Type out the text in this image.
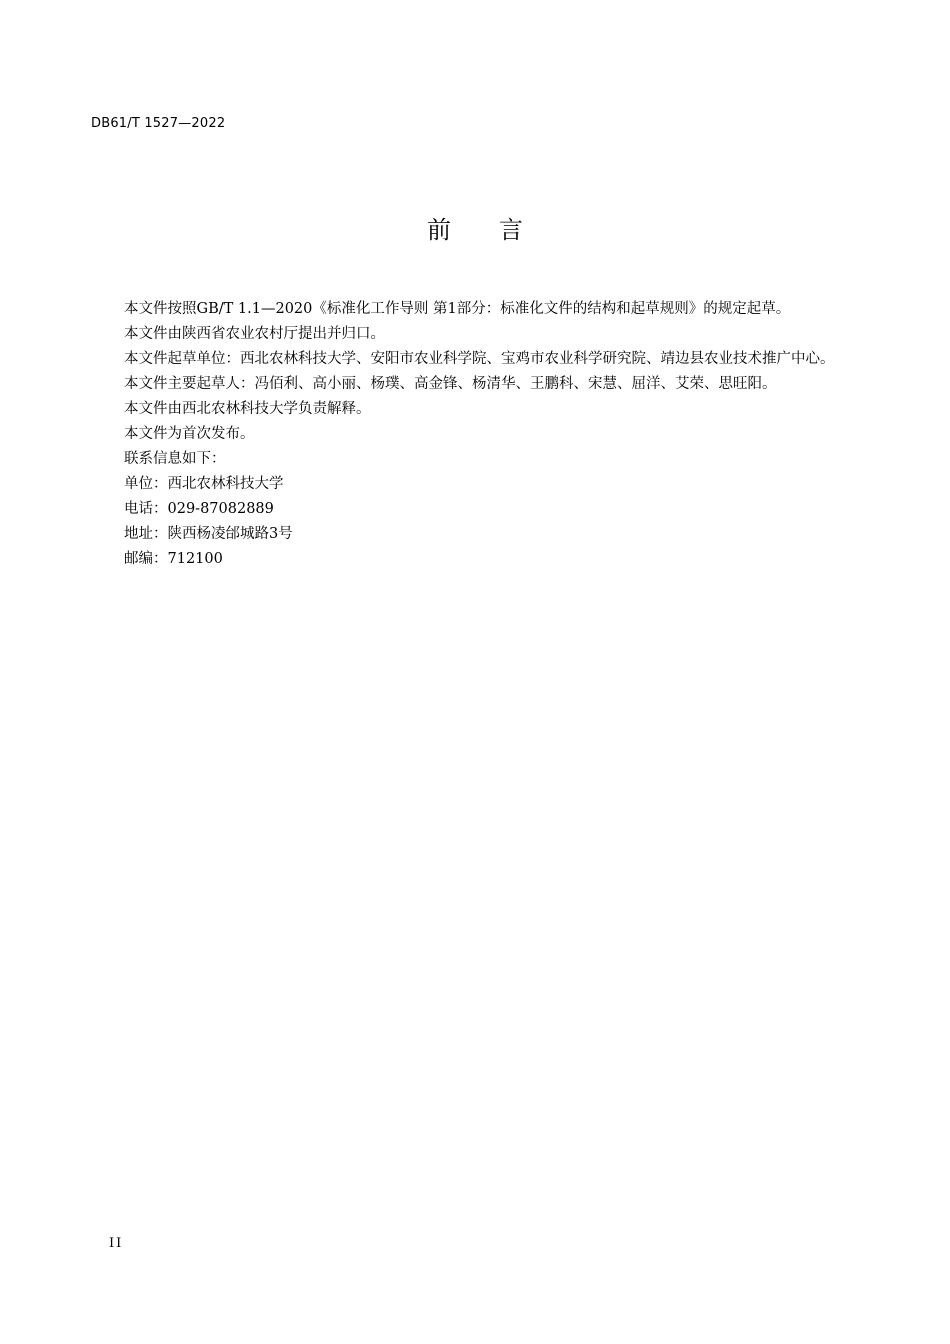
DB61/T 1527—2022
前言

本文件按照GB/T 1.1—2020《标准化工作导则 第1部分：标准化文件的结构和起草规则》的规定起草。

本文件由陕西省农业农村厅提出并归口。

本文件起草单位：西北农林科技大学、安阳市农业科学院、宝鸡市农业科学研究院、靖边县农业技术推广中心。

本文件主要起草人：冯佰利、高小丽、杨璞、高金锋、杨清华、王鹏科、宋慧、屈洋、艾荣、思旺阳。

本文件由西北农林科技大学负责解释。

本文件为首次发布。

联系信息如下：

单位：西北农林科技大学

电话：029-87082889

地址：陕西杨凌邰城路3号

邮编：712100

II
